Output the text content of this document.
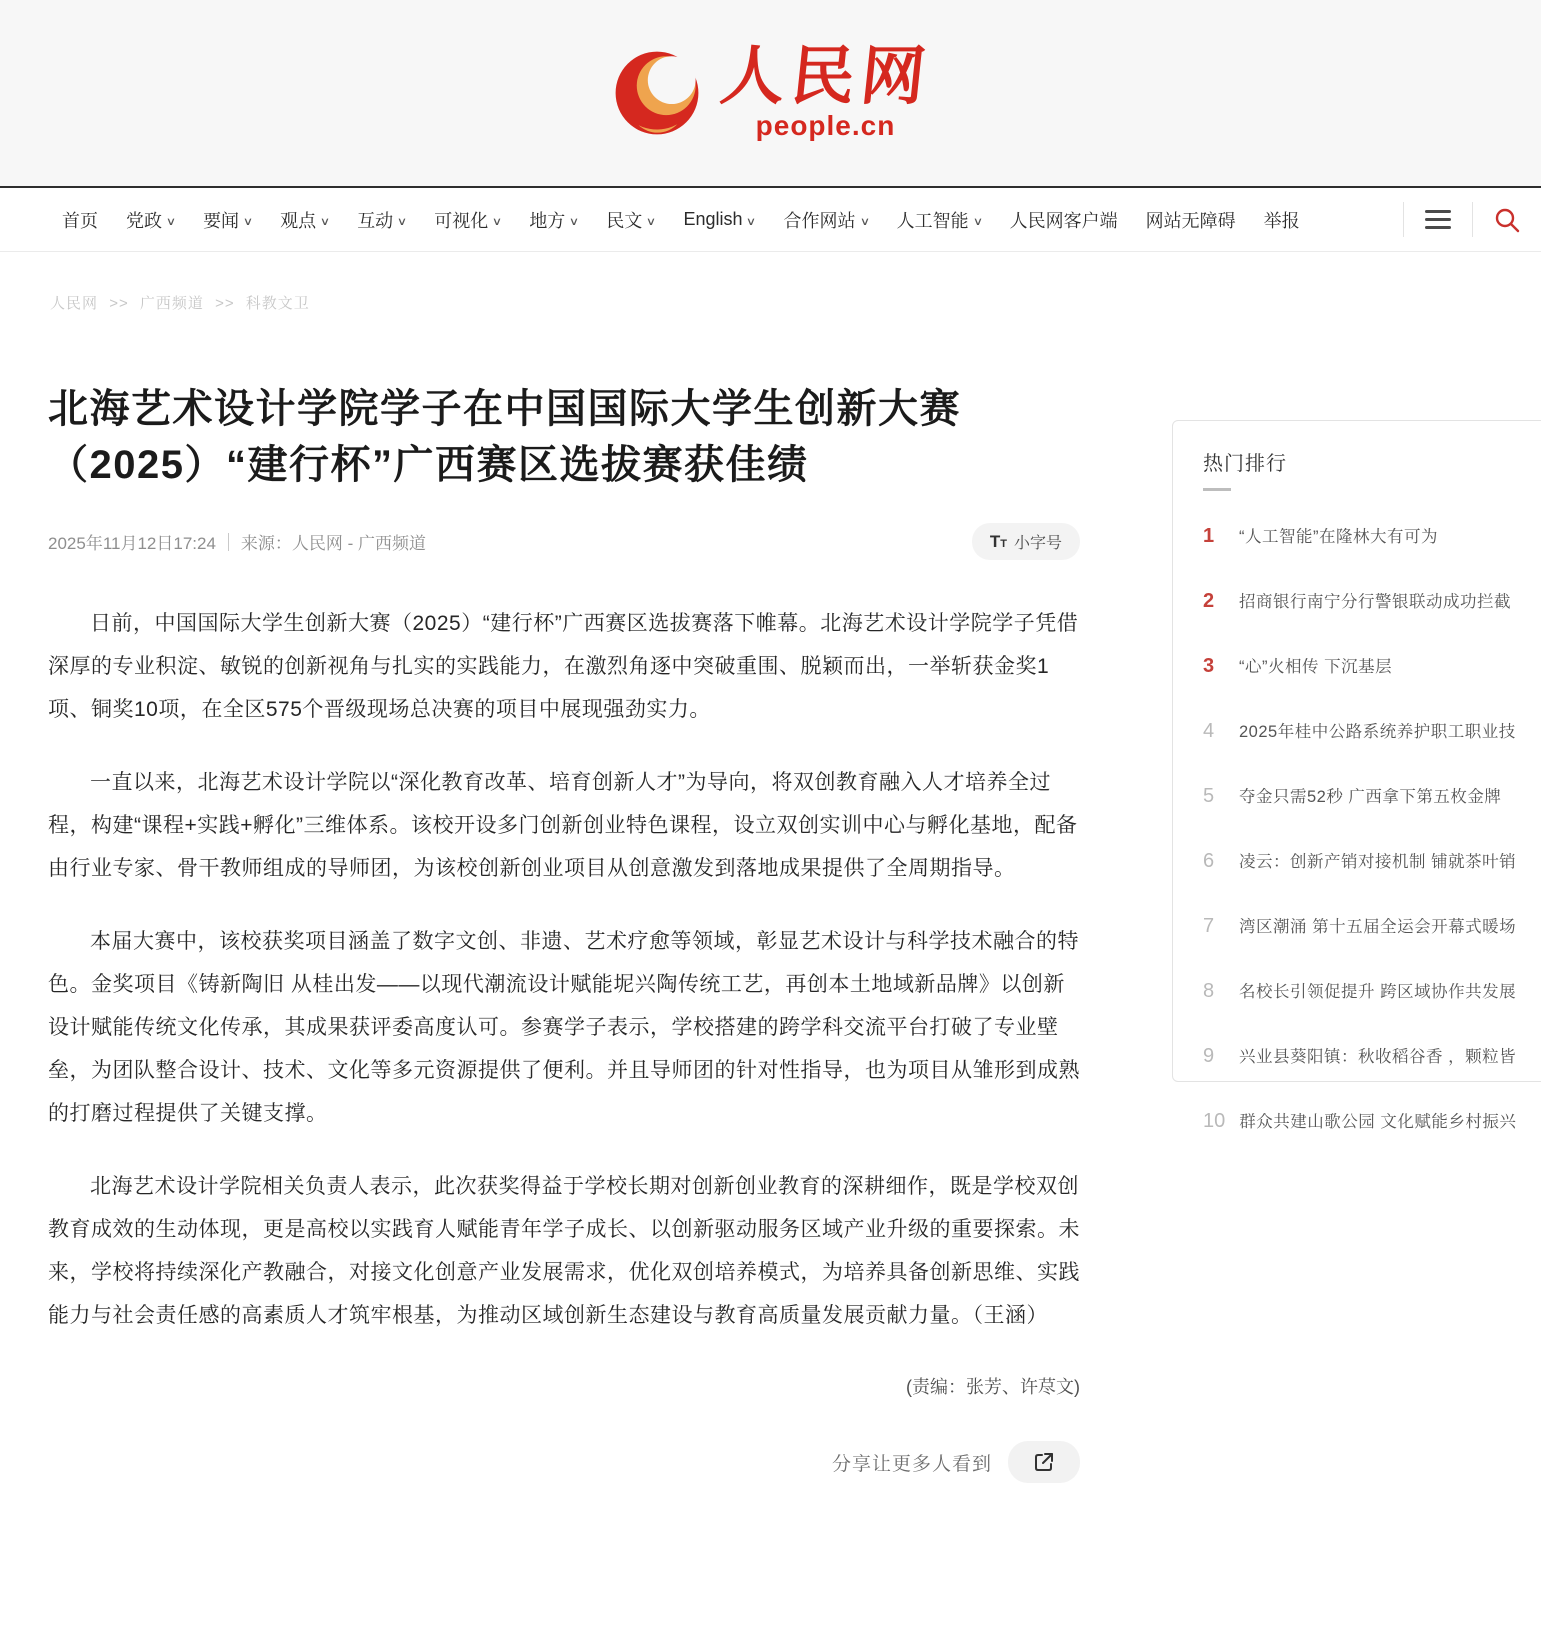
人民网
people.cn
首页 党政 ∨ 要闻 ∨ 观点 ∨ 互动 ∨ 可视化 ∨ 地方 ∨ 民文 ∨ English ∨ 合作网站 ∨ 人工智能 ∨ 人民网客户端 网站无障碍 举报
人民网 >> 广西频道 >> 科教文卫
北海艺术设计学院学子在中国国际大学生创新大赛（2025）“建行杯”广西赛区选拔赛获佳绩
2025年11月12日17:24 来源： 人民网 - 广西频道	TT 小字号

日前，中国国际大学生创新大赛（2025）“建行杯”广西赛区选拔赛落下帷幕。北海艺术设计学院学子凭借深厚的专业积淀、敏锐的创新视角与扎实的实践能力，在激烈角逐中突破重围、脱颖而出，一举斩获金奖1项、铜奖10项，在全区575个晋级现场总决赛的项目中展现强劲实力。

一直以来，北海艺术设计学院以“深化教育改革、培育创新人才”为导向，将双创教育融入人才培养全过程，构建“课程+实践+孵化”三维体系。该校开设多门创新创业特色课程，设立双创实训中心与孵化基地，配备由行业专家、骨干教师组成的导师团，为该校创新创业项目从创意激发到落地成果提供了全周期指导。

本届大赛中，该校获奖项目涵盖了数字文创、非遗、艺术疗愈等领域，彰显艺术设计与科学技术融合的特色。金奖项目《铸新陶旧 从桂出发——以现代潮流设计赋能坭兴陶传统工艺，再创本土地域新品牌》以创新设计赋能传统文化传承，其成果获评委高度认可。参赛学子表示，学校搭建的跨学科交流平台打破了专业壁垒，为团队整合设计、技术、文化等多元资源提供了便利。并且导师团的针对性指导，也为项目从雏形到成熟的打磨过程提供了关键支撑。

北海艺术设计学院相关负责人表示，此次获奖得益于学校长期对创新创业教育的深耕细作，既是学校双创教育成效的生动体现，更是高校以实践育人赋能青年学子成长、以创新驱动服务区域产业升级的重要探索。未来，学校将持续深化产教融合，对接文化创意产业发展需求，优化双创培养模式，为培养具备创新思维、实践能力与社会责任感的高素质人才筑牢根基，为推动区域创新生态建设与教育高质量发展贡献力量。（王涵）

(责编：张芳、许荩文)
分享让更多人看到
热门排行
1	“人工智能”在隆林大有可为
2	招商银行南宁分行警银联动成功拦截
3	“心”火相传 下沉基层
4	2025年桂中公路系统养护职工职业技
5	夺金只需52秒 广西拿下第五枚金牌
6	凌云：创新产销对接机制 铺就茶叶销
7	湾区潮涌 第十五届全运会开幕式暖场
8	名校长引领促提升 跨区域协作共发展
9	兴业县葵阳镇：秋收稻谷香 ，颗粒皆
10 群众共建山歌公园 文化赋能乡村振兴
